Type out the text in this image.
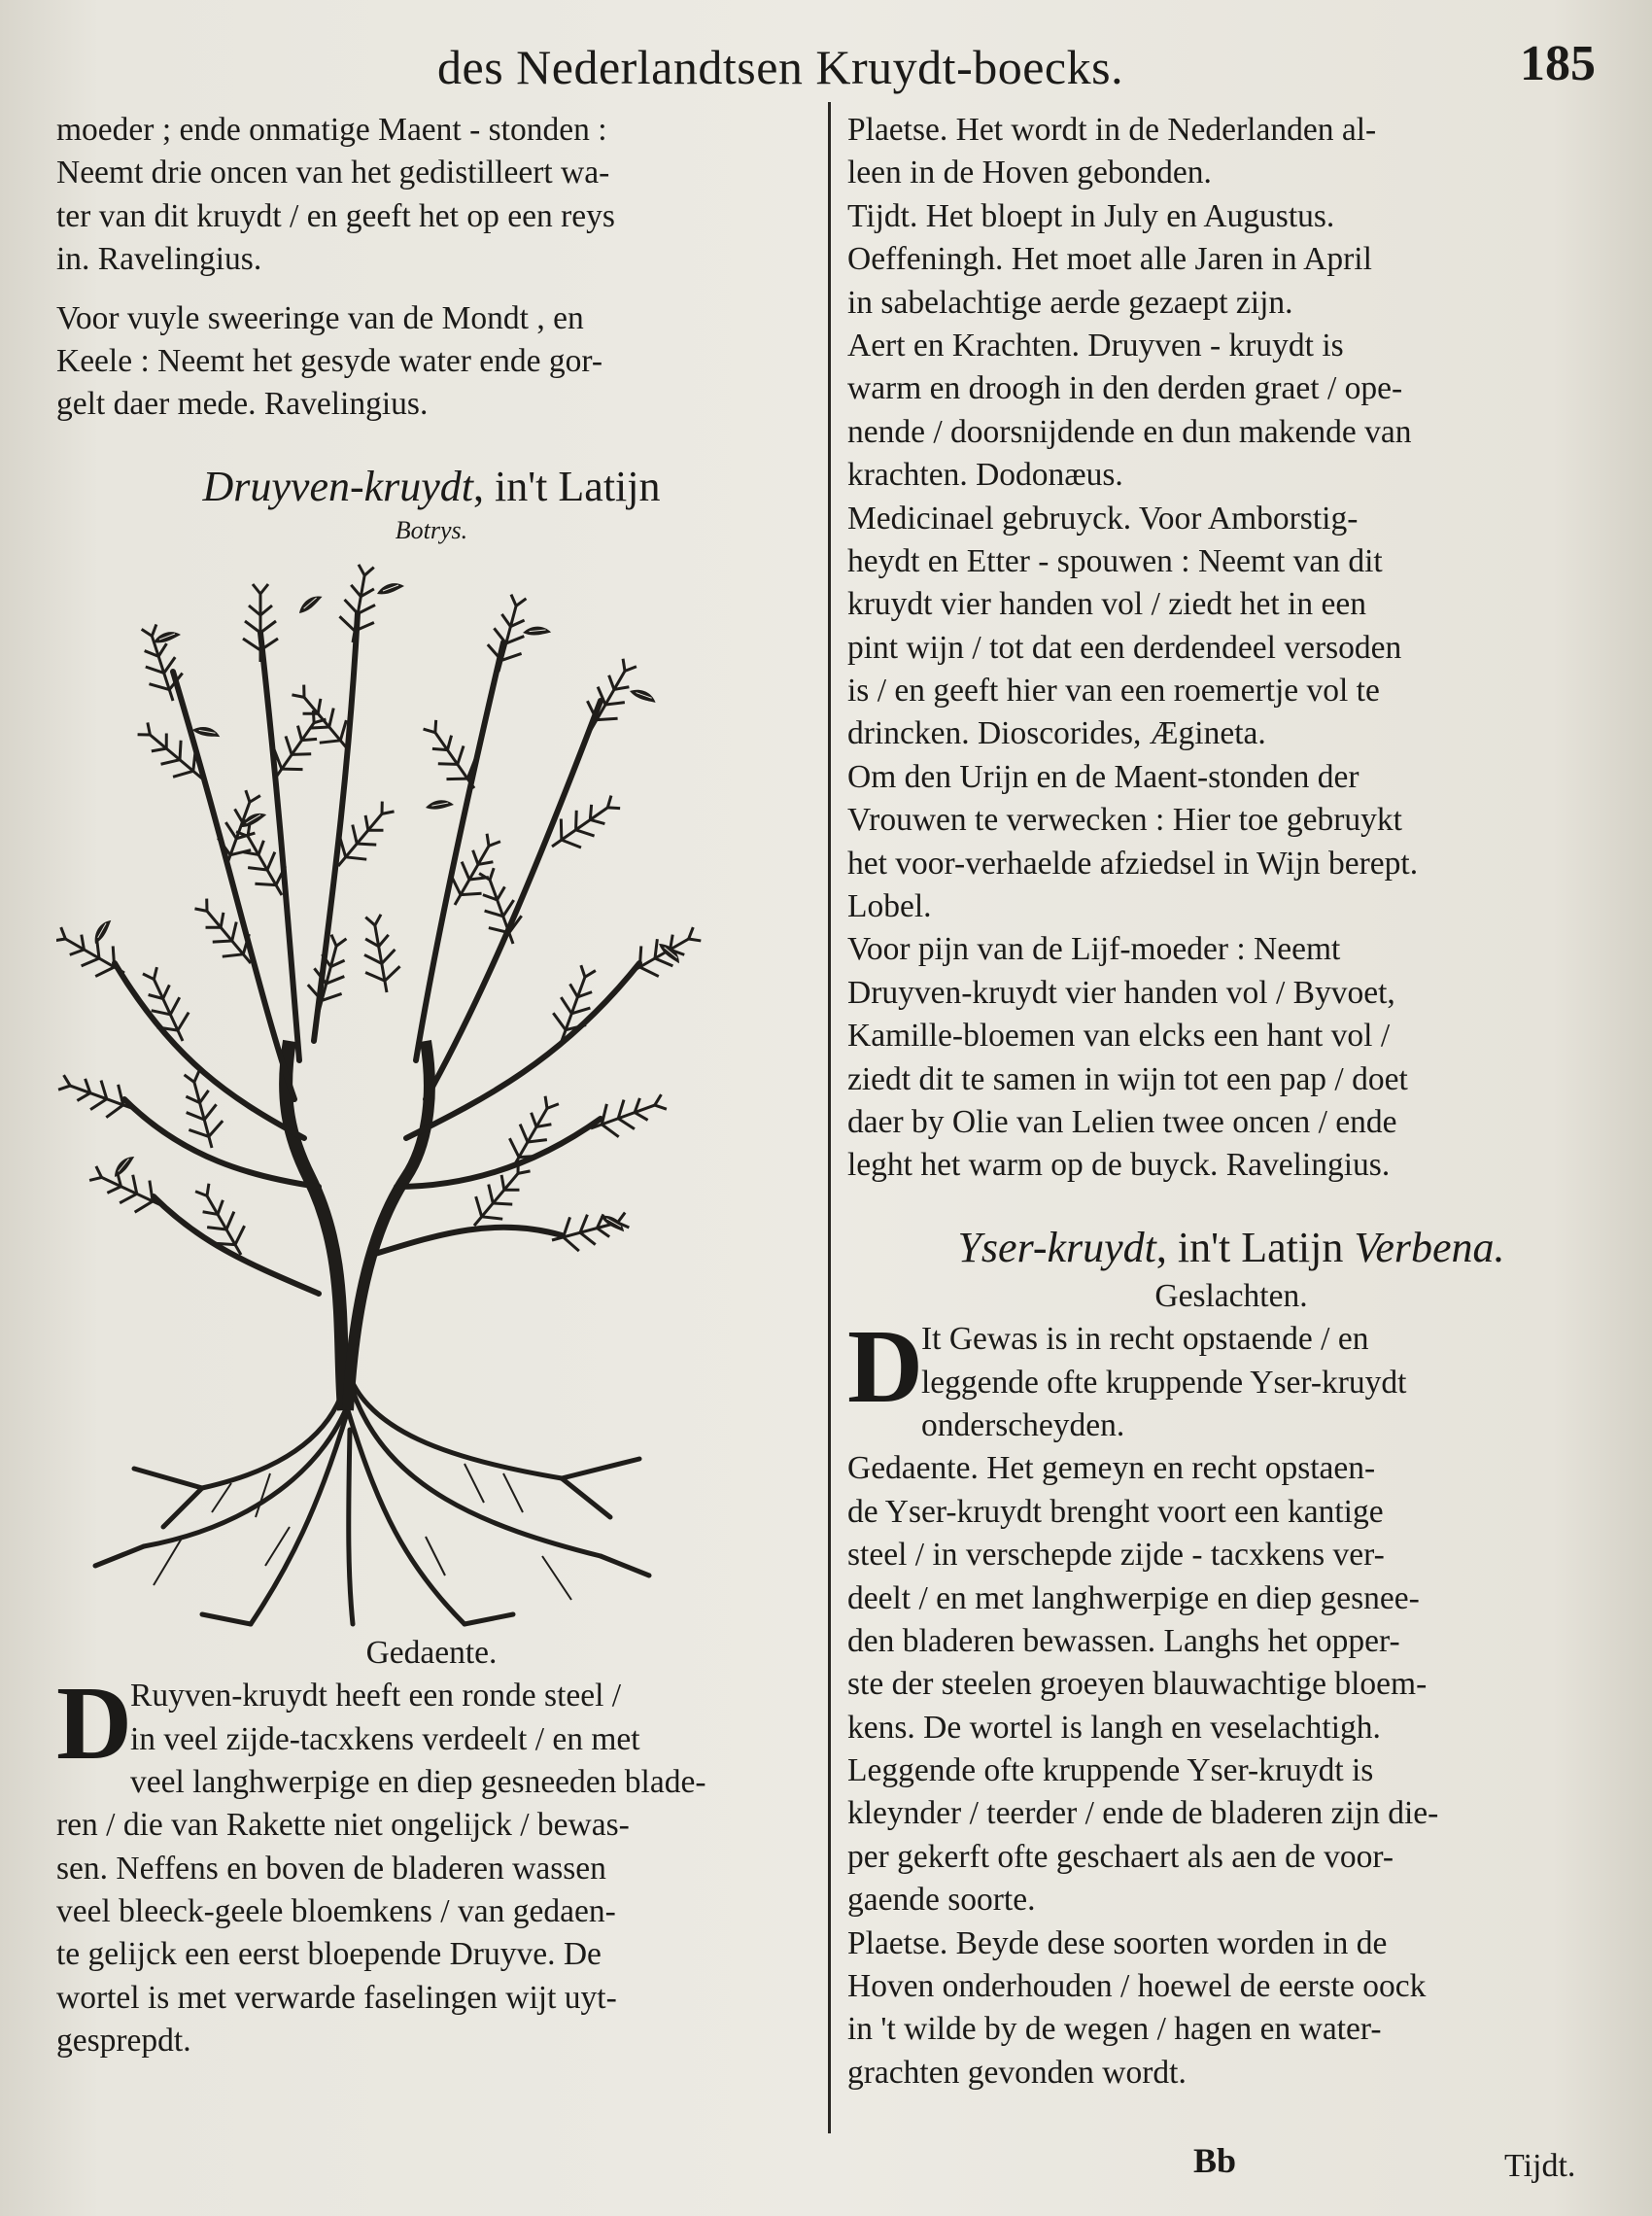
des Nederlandtsen Kruydt-boecks.	185
moeder ; ende onmatige Maent - stonden :
Neemt drie oncen van het gedistilleert wa-
ter van dit kruydt / en geeft het op een reys
in. Ravelingius.
Voor vuyle sweeringe van de Mondt , en
Keele : Neemt het gesyde water ende gor-
gelt daer mede. Ravelingius.
Druyven-kruydt, in't Latijn
Botrys.
Gedaente.
D
Ruyven-kruydt heeft een ronde steel /
in veel zijde-tacxkens verdeelt / en met
veel langhwerpige en diep gesneeden blade-
ren / die van Rakette niet ongelijck / bewas-
sen. Neffens en boven de bladeren wassen
veel bleeck-geele bloemkens / van gedaen-
te gelijck een eerst bloepende Druyve. De
wortel is met verwarde faselingen wijt uyt-
gesprepdt.
Plaetse. Het wordt in de Nederlanden al-
leen in de Hoven gebonden.
Tijdt. Het bloept in July en Augustus.
Oeffeningh. Het moet alle Jaren in April
in sabelachtige aerde gezaept zijn.
Aert en Krachten. Druyven - kruydt is
warm en droogh in den derden graet / ope-
nende / doorsnijdende en dun makende van
krachten. Dodonæus.
Medicinael gebruyck. Voor Amborstig-
heydt en Etter - spouwen : Neemt van dit
kruydt vier handen vol / ziedt het in een
pint wijn / tot dat een derdendeel versoden
is / en geeft hier van een roemertje vol te
drincken. Dioscorides, Ægineta.
Om den Urijn en de Maent-stonden der
Vrouwen te verwecken : Hier toe gebruykt
het voor-verhaelde afziedsel in Wijn berept.
Lobel.
Voor pijn van de Lijf-moeder : Neemt
Druyven-kruydt vier handen vol / Byvoet,
Kamille-bloemen van elcks een hant vol /
ziedt dit te samen in wijn tot een pap / doet
daer by Olie van Lelien twee oncen / ende
leght het warm op de buyck. Ravelingius.
Yser-kruydt, in't Latijn Verbena.
Geslachten.
D
It Gewas is in recht opstaende / en
leggende ofte kruppende Yser-kruydt
onderscheyden.
Gedaente. Het gemeyn en recht opstaen-
de Yser-kruydt brenght voort een kantige
steel / in verschepde zijde - tacxkens ver-
deelt / en met langhwerpige en diep gesnee-
den bladeren bewassen. Langhs het opper-
ste der steelen groeyen blauwachtige bloem-
kens. De wortel is langh en veselachtigh.
Leggende ofte kruppende Yser-kruydt is
kleynder / teerder / ende de bladeren zijn die-
per gekerft ofte geschaert als aen de voor-
gaende soorte.
Plaetse. Beyde dese soorten worden in de
Hoven onderhouden / hoewel de eerste oock
in 't wilde by de wegen / hagen en water-
grachten gevonden wordt.
Bb	Tijdt.
